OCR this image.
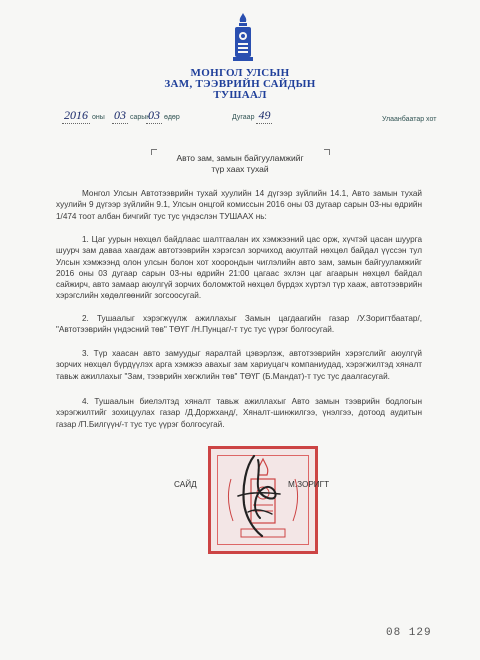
МОНГОЛ УЛСЫН
ЗАМ, ТЭЭВРИЙН САЙДЫН
ТУШААЛ
2016 оны 03 сарын
03 өдөр	Дугаар 49	Улаанбаатар хот
Авто зам, замын байгууламжийг
түр хаах тухай

Монгол Улсын Автотээврийн тухай хуулийн 14 дүгээр зүйлийн 14.1, Авто замын тухай хуулийн 9 дүгээр зүйлийн 9.1, Улсын онцгой комиссын 2016 оны 03 дугаар сарын 03-ны өдрийн 1/474 тоот албан бичгийг тус тус үндэслэн ТУШААХ нь:

1. Цаг уурын нөхцөл байдлаас шалтгаалан их хэмжээний цас орж, хүчтэй цасан шуурга шуурч зам даваа хаагдаж автотээврийн хэрэгсэл зорчиход аюултай нөхцөл байдал үүссэн тул Улсын хэмжээнд олон улсын болон хот хоорондын чиглэлийн авто зам, замын байгууламжийг 2016 оны 03 дугаар сарын 03-ны өдрийн 21:00 цагаас эхлэн цаг агаарын нөхцөл байдал сайжирч, авто замаар аюулгүй зорчих боломжтой нөхцөл бүрдэх хүртэл түр хааж, автотээврийн хэрэгслийн хөдөлгөөнийг зогсоосугай.

2. Тушаалыг хэрэгжүүлж ажиллахыг Замын цагдаагийн газар /У.Зоригтбаатар/, "Автотээврийн үндэсний төв" ТӨҮГ /Н.Пунцаг/-т тус тус үүрэг болгосугай.

3. Түр хаасан авто замуудыг яаралтай цэвэрлэж, автотээврийн хэрэгслийг аюулгүй зорчих нөхцөл бүрдүүлэх арга хэмжээ авахыг зам хариуцагч компаниудад, хэрэгжилтэд хяналт тавьж ажиллахыг "Зам, тээврийн хөгжлийн төв" ТӨҮГ (Б.Мандат)-т тус тус даалгасугай.

4. Тушаалын биелэлтэд хяналт тавьж ажиллахыг Авто замын тээврийн бодлогын хэрэгжилтийг зохицуулах газар /Д.Доржханд/, Хяналт-шинжилгээ, үнэлгээ, дотоод аудитын газар /П.Билгүүн/-т тус тус үүрэг болгосугай.

САЙД	М.ЗОРИГТ
08 129
